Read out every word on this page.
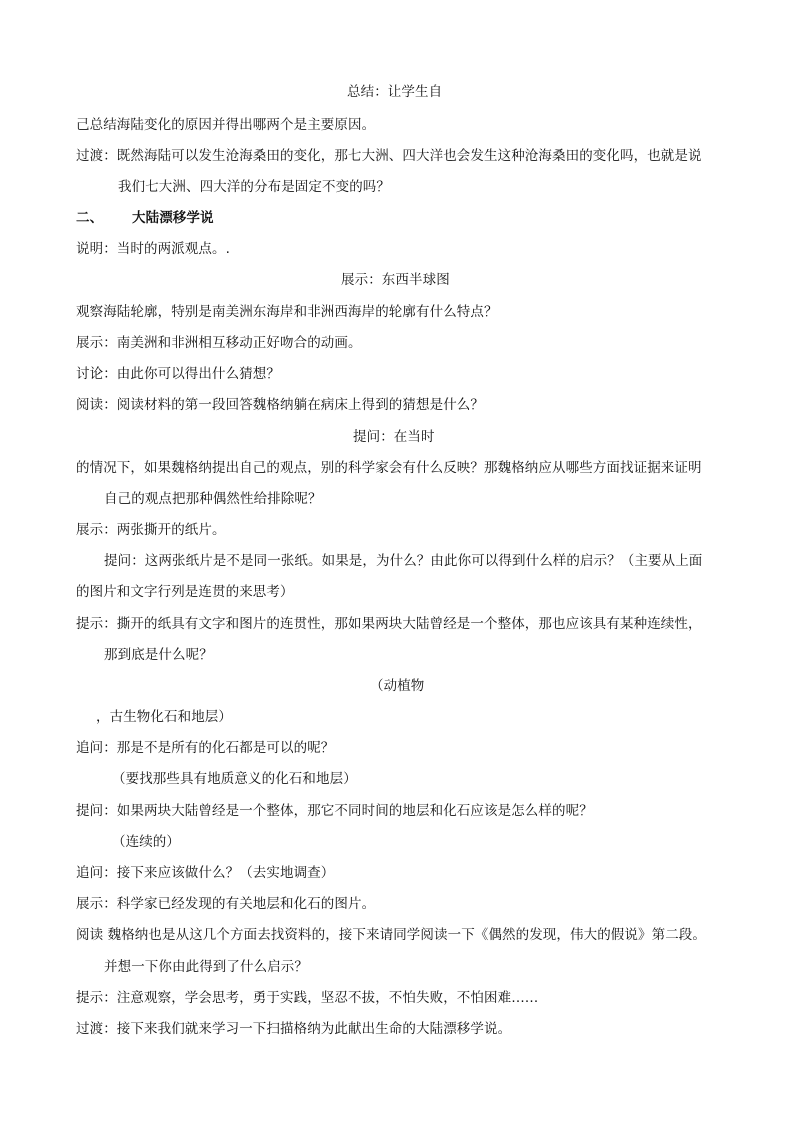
总结：让学生自
己总结海陆变化的原因并得出哪两个是主要原因。
过渡：既然海陆可以发生沧海桑田的变化，那七大洲、四大洋也会发生这种沧海桑田的变化吗，也就是说
我们七大洲、四大洋的分布是固定不变的吗？
二、 大陆漂移学说
说明：当时的两派观点。.
展示：东西半球图
观察海陆轮廓，特别是南美洲东海岸和非洲西海岸的轮廓有什么特点？
展示：南美洲和非洲相互移动正好吻合的动画。
讨论：由此你可以得出什么猜想？
阅读：阅读材料的第一段回答魏格纳躺在病床上得到的猜想是什么？
提问：在当时
的情况下，如果魏格纳提出自己的观点，别的科学家会有什么反映？那魏格纳应从哪些方面找证据来证明
自己的观点把那种偶然性给排除呢？
展示：两张撕开的纸片。
提问：这两张纸片是不是同一张纸。如果是，为什么？由此你可以得到什么样的启示？（主要从上面
的图片和文字行列是连贯的来思考）
提示：撕开的纸具有文字和图片的连贯性，那如果两块大陆曾经是一个整体，那也应该具有某种连续性，
那到底是什么呢？
（动植物
，古生物化石和地层）
追问：那是不是所有的化石都是可以的呢？
（要找那些具有地质意义的化石和地层）
提问：如果两块大陆曾经是一个整体，那它不同时间的地层和化石应该是怎么样的呢？
（连续的）
追问：接下来应该做什么？（去实地调查）
展示：科学家已经发现的有关地层和化石的图片。
阅读 魏格纳也是从这几个方面去找资料的，接下来请同学阅读一下《偶然的发现，伟大的假说》第二段。
并想一下你由此得到了什么启示？
提示：注意观察，学会思考，勇于实践，坚忍不拔，不怕失败，不怕困难……
过渡：接下来我们就来学习一下扫描格纳为此献出生命的大陆漂移学说。
